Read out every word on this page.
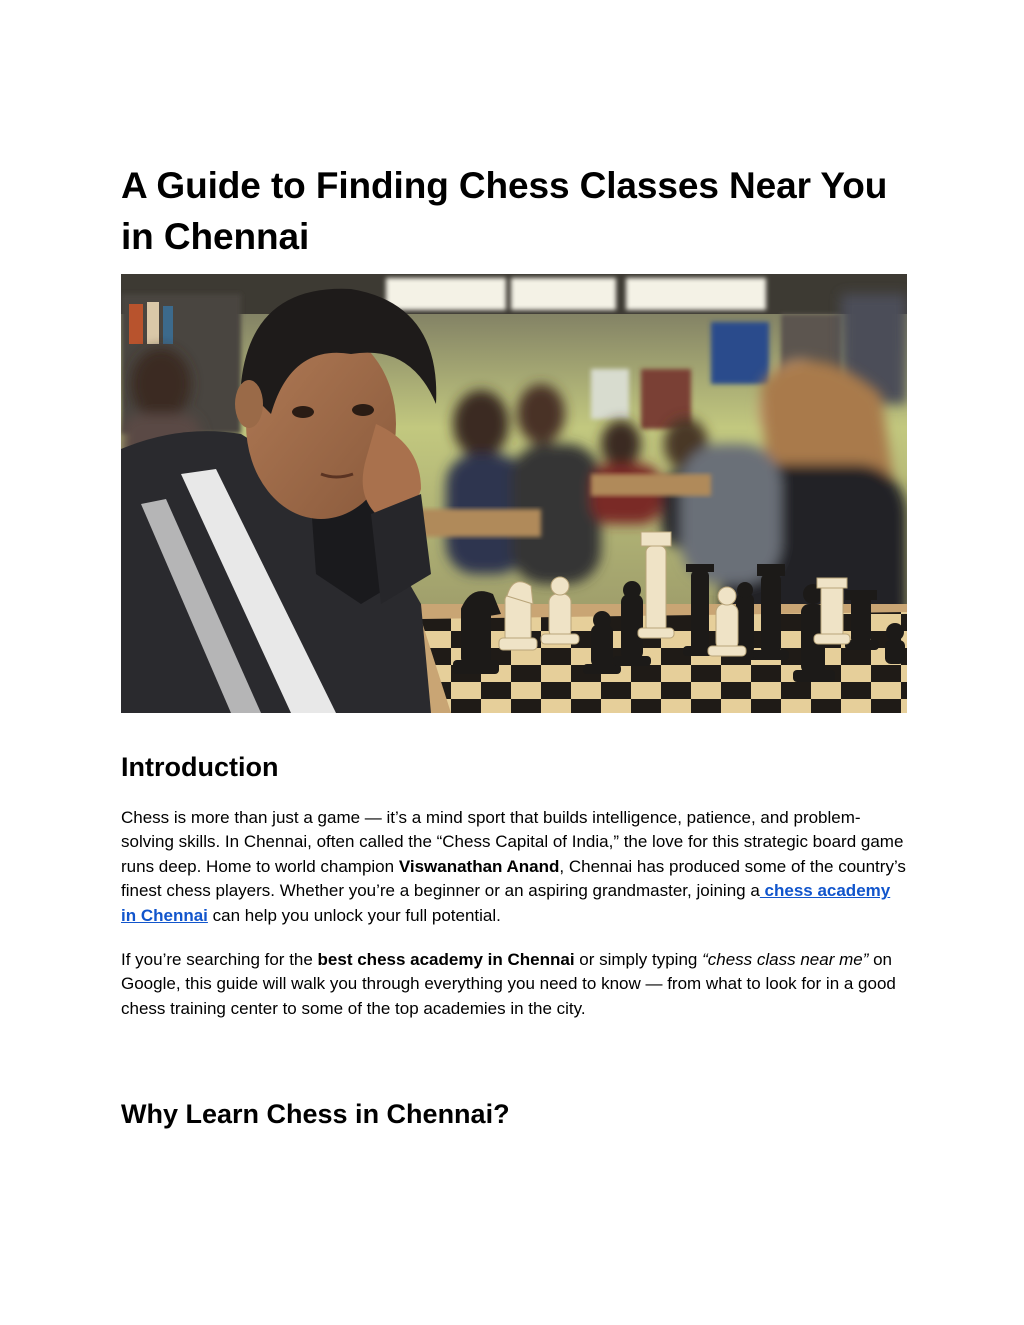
A Guide to Finding Chess Classes Near You in Chennai
Introduction

Chess is more than just a game — it’s a mind sport that builds intelligence, patience, and problem-solving skills. In Chennai, often called the “Chess Capital of India,” the love for this strategic board game runs deep. Home to world champion Viswanathan Anand, Chennai has produced some of the country’s finest chess players. Whether you’re a beginner or an aspiring grandmaster, joining a chess academy in Chennai can help you unlock your full potential.

If you’re searching for the best chess academy in Chennai or simply typing “chess class near me” on Google, this guide will walk you through everything you need to know — from what to look for in a good chess training center to some of the top academies in the city.

Why Learn Chess in Chennai?
